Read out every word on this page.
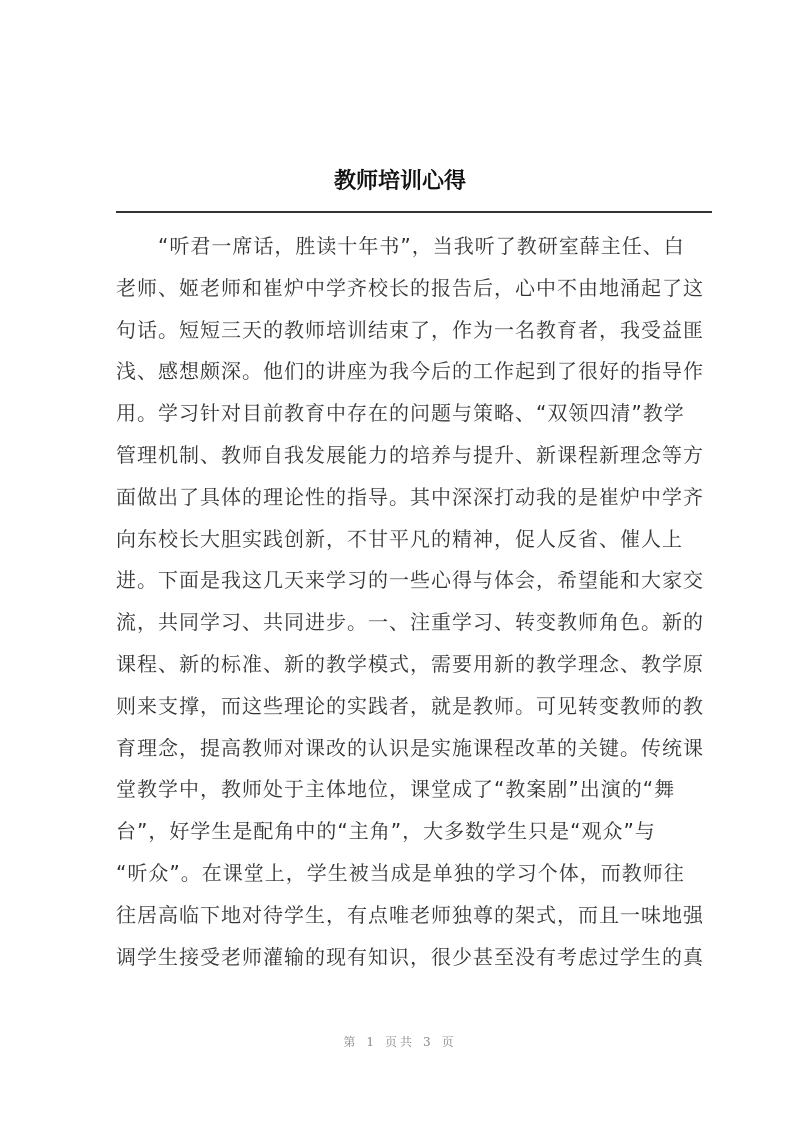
教师培训心得
“听君一席话，胜读十年书”，当我听了教研室薛主任、白
老师、姬老师和崔炉中学齐校长的报告后，心中不由地涌起了这
句话。短短三天的教师培训结束了，作为一名教育者，我受益匪
浅、感想颇深。他们的讲座为我今后的工作起到了很好的指导作
用。学习针对目前教育中存在的问题与策略、“双领四清”教学
管理机制、教师自我发展能力的培养与提升、新课程新理念等方
面做出了具体的理论性的指导。其中深深打动我的是崔炉中学齐
向东校长大胆实践创新，不甘平凡的精神，促人反省、催人上
进。下面是我这几天来学习的一些心得与体会，希望能和大家交
流，共同学习、共同进步。一、注重学习、转变教师角色。新的
课程、新的标准、新的教学模式，需要用新的教学理念、教学原
则来支撑，而这些理论的实践者，就是教师。可见转变教师的教
育理念，提高教师对课改的认识是实施课程改革的关键。传统课
堂教学中，教师处于主体地位，课堂成了“教案剧”出演的“舞
台”，好学生是配角中的“主角”，大多数学生只是“观众”与
“听众”。在课堂上，学生被当成是单独的学习个体，而教师往
往居高临下地对待学生，有点唯老师独尊的架式，而且一味地强
调学生接受老师灌输的现有知识，很少甚至没有考虑过学生的真
第 1 页共 3 页
